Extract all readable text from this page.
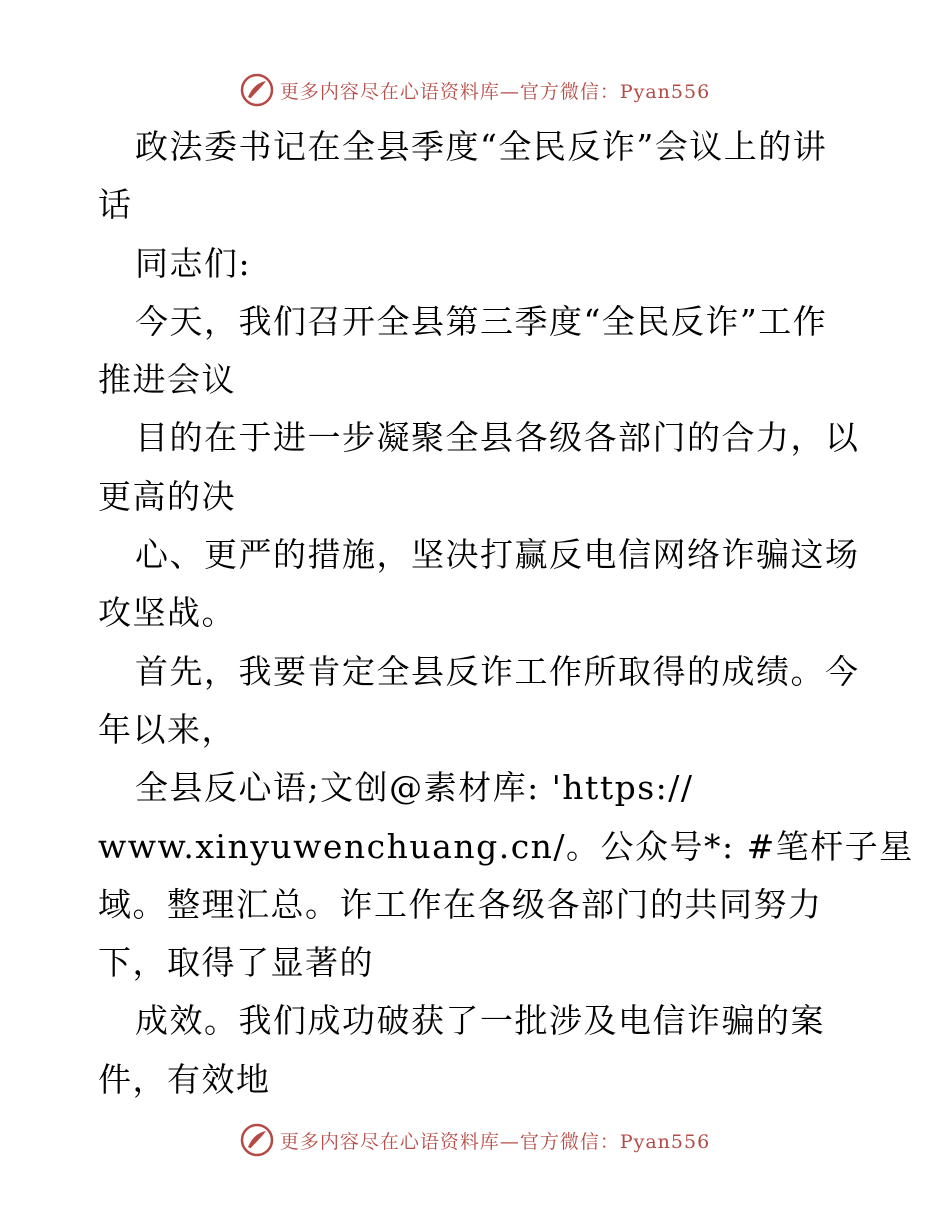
更多内容尽在心语资料库—官方微信：Pyan556
政法委书记在全县季度“全民反诈”会议上的讲
话
同志们:
今天，我们召开全县第三季度“全民反诈”工作
推进会议
目的在于进一步凝聚全县各级各部门的合力，以
更高的决
心、更严的措施，坚决打赢反电信网络诈骗这场
攻坚战。
首先，我要肯定全县反诈工作所取得的成绩。今
年以来，
全县反心语;文创@素材库: 'https://
www.xinyuwenchuang.cn/。公众号*: #笔杆子星
域。整理汇总。诈工作在各级各部门的共同努力
下，取得了显著的
成效。我们成功破获了一批涉及电信诈骗的案
件，有效地
更多内容尽在心语资料库—官方微信：Pyan556
